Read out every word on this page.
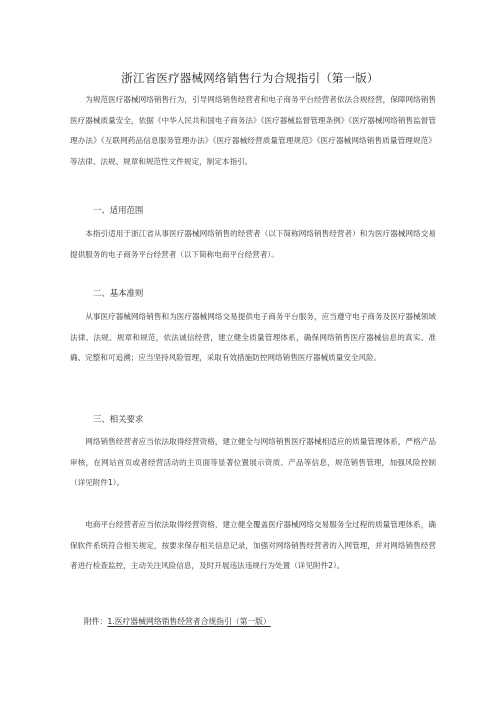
浙江省医疗器械网络销售行为合规指引（第一版）

为规范医疗器械网络销售行为，引导网络销售经营者和电子商务平台经营者依法合规经营，保障网络销售医疗器械质量安全，依据《中华人民共和国电子商务法》《医疗器械监督管理条例》《医疗器械网络销售监督管理办法》《互联网药品信息服务管理办法》《医疗器械经营质量管理规范》《医疗器械网络销售质量管理规范》等法律、法规、规章和规范性文件规定，制定本指引。

一、适用范围

本指引适用于浙江省从事医疗器械网络销售的经营者（以下简称网络销售经营者）和为医疗器械网络交易提供服务的电子商务平台经营者（以下简称电商平台经营者）。

二、基本准则

从事医疗器械网络销售和为医疗器械网络交易提供电子商务平台服务，应当遵守电子商务及医疗器械领域法律、法规、规章和规范，依法诚信经营，建立健全质量管理体系，确保网络销售医疗器械信息的真实、准确、完整和可追溯；应当坚持风险管理，采取有效措施防控网络销售医疗器械质量安全风险。

三、相关要求

网络销售经营者应当依法取得经营资格，建立健全与网络销售医疗器械相适应的质量管理体系，严格产品审核，在网站首页或者经营活动的主页面等显著位置展示资质、产品等信息，规范销售管理，加强风险控制（详见附件1）。

电商平台经营者应当依法取得经营资格，建立健全覆盖医疗器械网络交易服务全过程的质量管理体系，确保软件系统符合相关规定，按要求保存相关信息记录，加强对网络销售经营者的入网管理，并对网络销售经营者进行检查监控，主动关注风险信息，及时开展违法违规行为处置（详见附件2）。

附件：1.医疗器械网络销售经营者合规指引（第一版）
